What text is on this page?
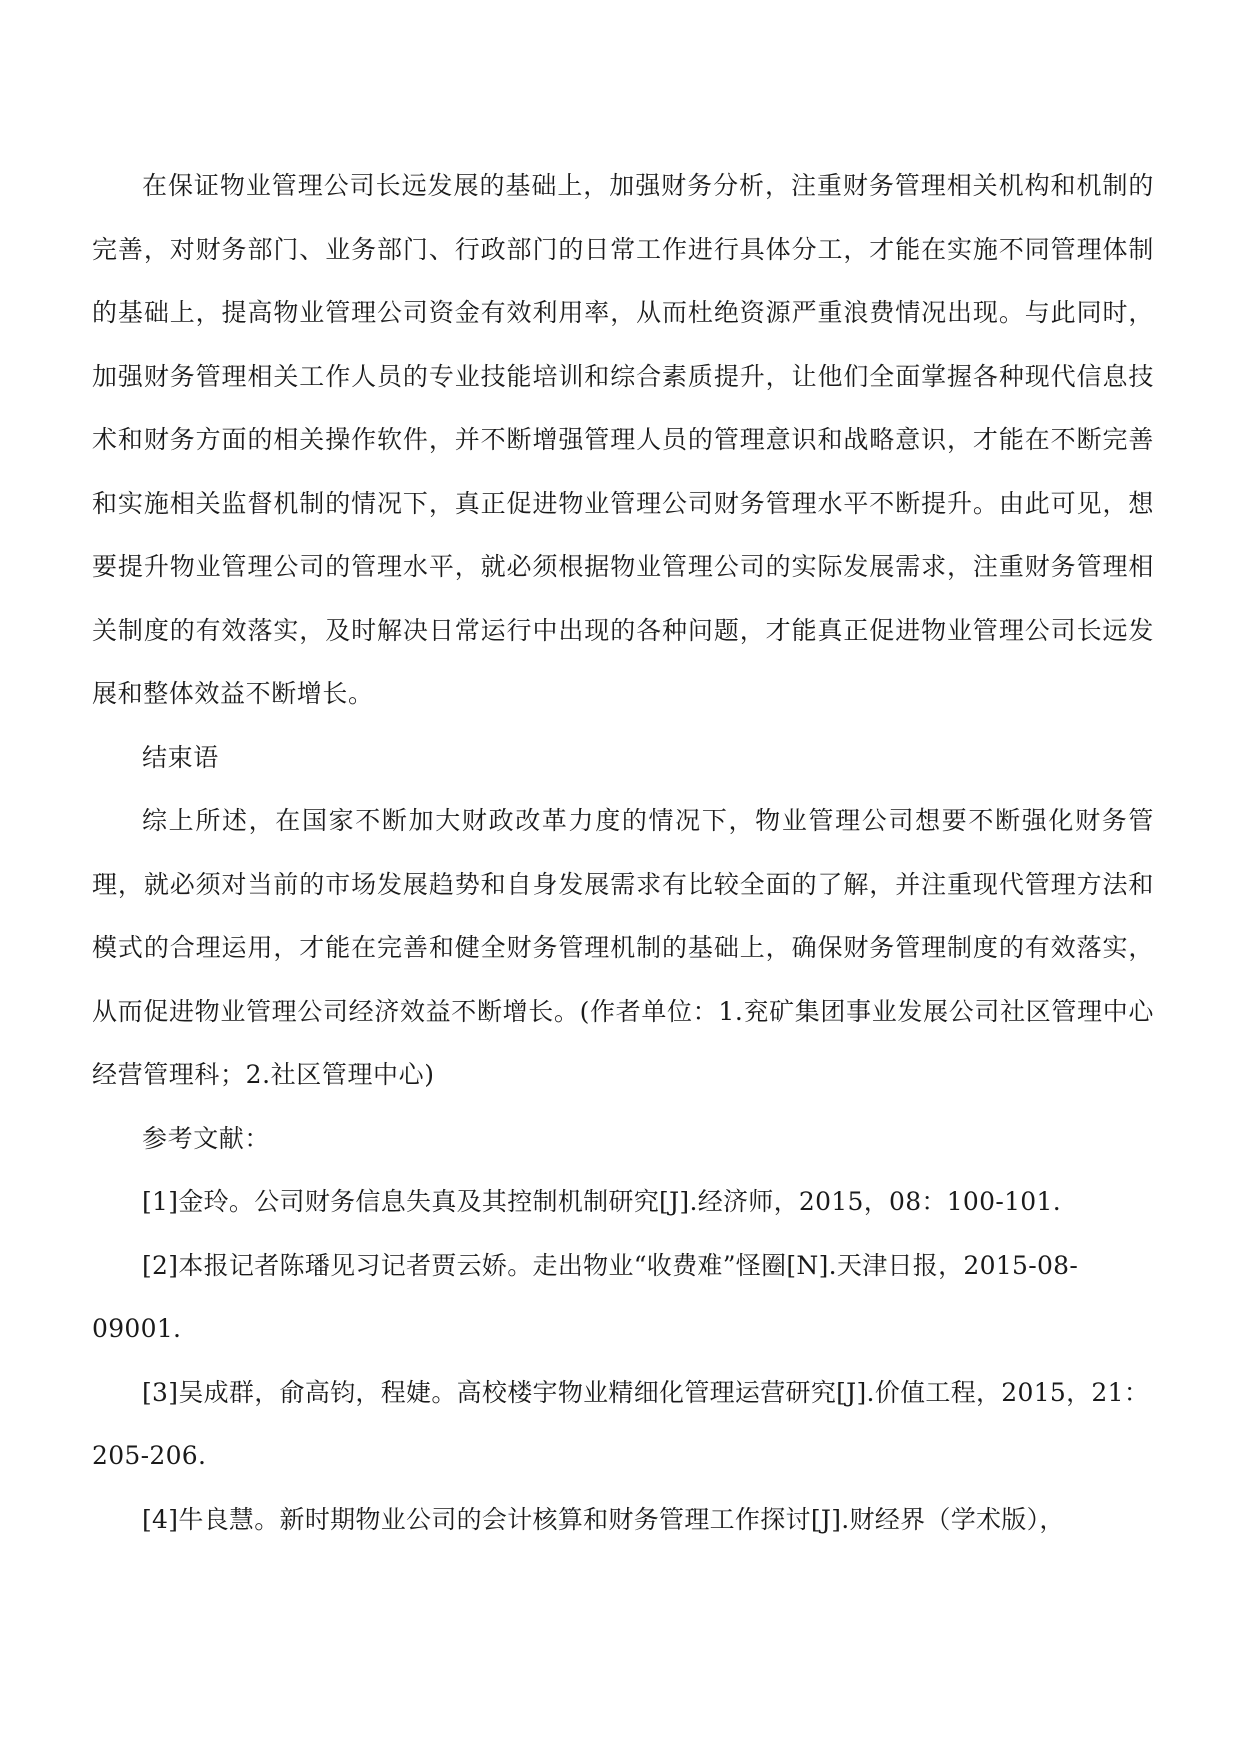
在保证物业管理公司长远发展的基础上，加强财务分析，注重财务管理相关机构和机制的完善，对财务部门、业务部门、行政部门的日常工作进行具体分工，才能在实施不同管理体制的基础上，提高物业管理公司资金有效利用率，从而杜绝资源严重浪费情况出现。与此同时，加强财务管理相关工作人员的专业技能培训和综合素质提升，让他们全面掌握各种现代信息技术和财务方面的相关操作软件，并不断增强管理人员的管理意识和战略意识，才能在不断完善和实施相关监督机制的情况下，真正促进物业管理公司财务管理水平不断提升。由此可见，想要提升物业管理公司的管理水平，就必须根据物业管理公司的实际发展需求，注重财务管理相关制度的有效落实，及时解决日常运行中出现的各种问题，才能真正促进物业管理公司长远发展和整体效益不断增长。

结束语

综上所述，在国家不断加大财政改革力度的情况下，物业管理公司想要不断强化财务管理，就必须对当前的市场发展趋势和自身发展需求有比较全面的了解，并注重现代管理方法和模式的合理运用，才能在完善和健全财务管理机制的基础上，确保财务管理制度的有效落实，从而促进物业管理公司经济效益不断增长。(作者单位：1.兖矿集团事业发展公司社区管理中心经营管理科；2.社区管理中心)

参考文献：

[1]金玲。公司财务信息失真及其控制机制研究[J].经济师，2015，08：100-101.

[2]本报记者陈璠见习记者贾云娇。走出物业“收费难”怪圈[N].天津日报，2015-08-09001.

[3]吴成群，俞高钧，程婕。高校楼宇物业精细化管理运营研究[J].价值工程，2015，21：205-206.

[4]牛良慧。新时期物业公司的会计核算和财务管理工作探讨[J].财经界（学术版），
